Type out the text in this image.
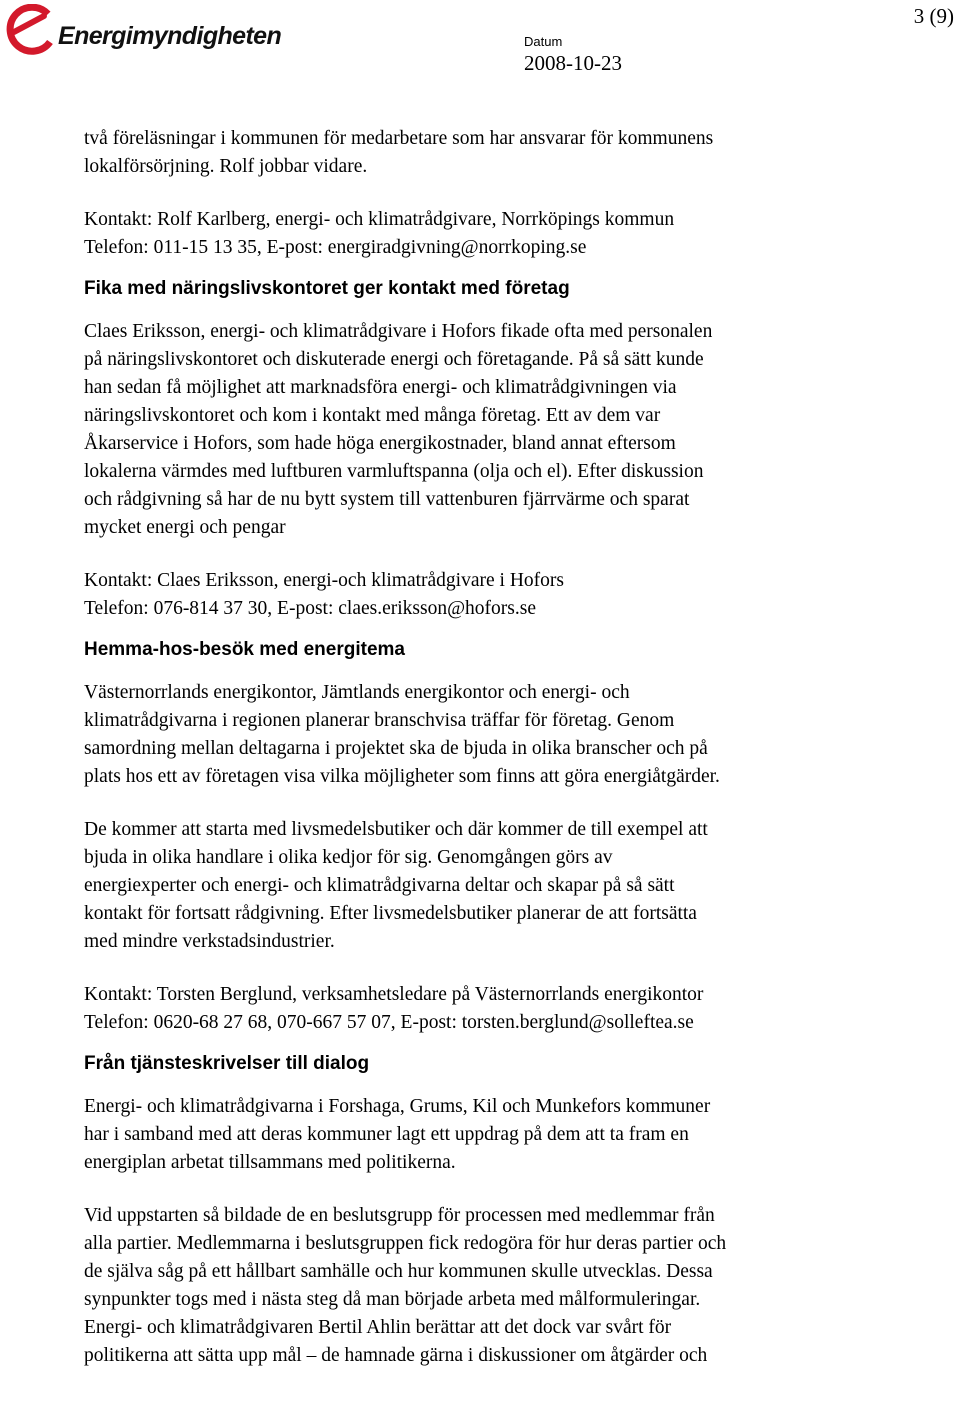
Energimyndigheten	Datum
2008-10-23
3 (9)

två föreläsningar i kommunen för medarbetare som har ansvarar för kommunens

lokalförsörjning. Rolf jobbar vidare.

Kontakt: Rolf Karlberg, energi- och klimatrådgivare, Norrköpings kommun

Telefon: 011-15 13 35, E-post: energiradgivning@norrkoping.se

Fika med näringslivskontoret ger kontakt med företag

Claes Eriksson, energi- och klimatrådgivare i Hofors fikade ofta med personalen

på näringslivskontoret och diskuterade energi och företagande. På så sätt kunde

han sedan få möjlighet att marknadsföra energi- och klimatrådgivningen via

näringslivskontoret och kom i kontakt med många företag. Ett av dem var

Åkarservice i Hofors, som hade höga energikostnader, bland annat eftersom

lokalerna värmdes med luftburen varmluftspanna (olja och el). Efter diskussion

och rådgivning så har de nu bytt system till vattenburen fjärrvärme och sparat

mycket energi och pengar

Kontakt: Claes Eriksson, energi-och klimatrådgivare i Hofors

Telefon: 076-814 37 30, E-post: claes.eriksson@hofors.se

Hemma-hos-besök med energitema

Västernorrlands energikontor, Jämtlands energikontor och energi- och

klimatrådgivarna i regionen planerar branschvisa träffar för företag. Genom

samordning mellan deltagarna i projektet ska de bjuda in olika branscher och på

plats hos ett av företagen visa vilka möjligheter som finns att göra energiåtgärder.

De kommer att starta med livsmedelsbutiker och där kommer de till exempel att

bjuda in olika handlare i olika kedjor för sig. Genomgången görs av

energiexperter och energi- och klimatrådgivarna deltar och skapar på så sätt

kontakt för fortsatt rådgivning. Efter livsmedelsbutiker planerar de att fortsätta

med mindre verkstadsindustrier.

Kontakt: Torsten Berglund, verksamhetsledare på Västernorrlands energikontor

Telefon: 0620-68 27 68, 070-667 57 07, E-post: torsten.berglund@solleftea.se

Från tjänsteskrivelser till dialog

Energi- och klimatrådgivarna i Forshaga, Grums, Kil och Munkefors kommuner

har i samband med att deras kommuner lagt ett uppdrag på dem att ta fram en

energiplan arbetat tillsammans med politikerna.

Vid uppstarten så bildade de en beslutsgrupp för processen med medlemmar från

alla partier. Medlemmarna i beslutsgruppen fick redogöra för hur deras partier och

de själva såg på ett hållbart samhälle och hur kommunen skulle utvecklas. Dessa

synpunkter togs med i nästa steg då man började arbeta med målformuleringar.

Energi- och klimatrådgivaren Bertil Ahlin berättar att det dock var svårt för

politikerna att sätta upp mål – de hamnade gärna i diskussioner om åtgärder och
